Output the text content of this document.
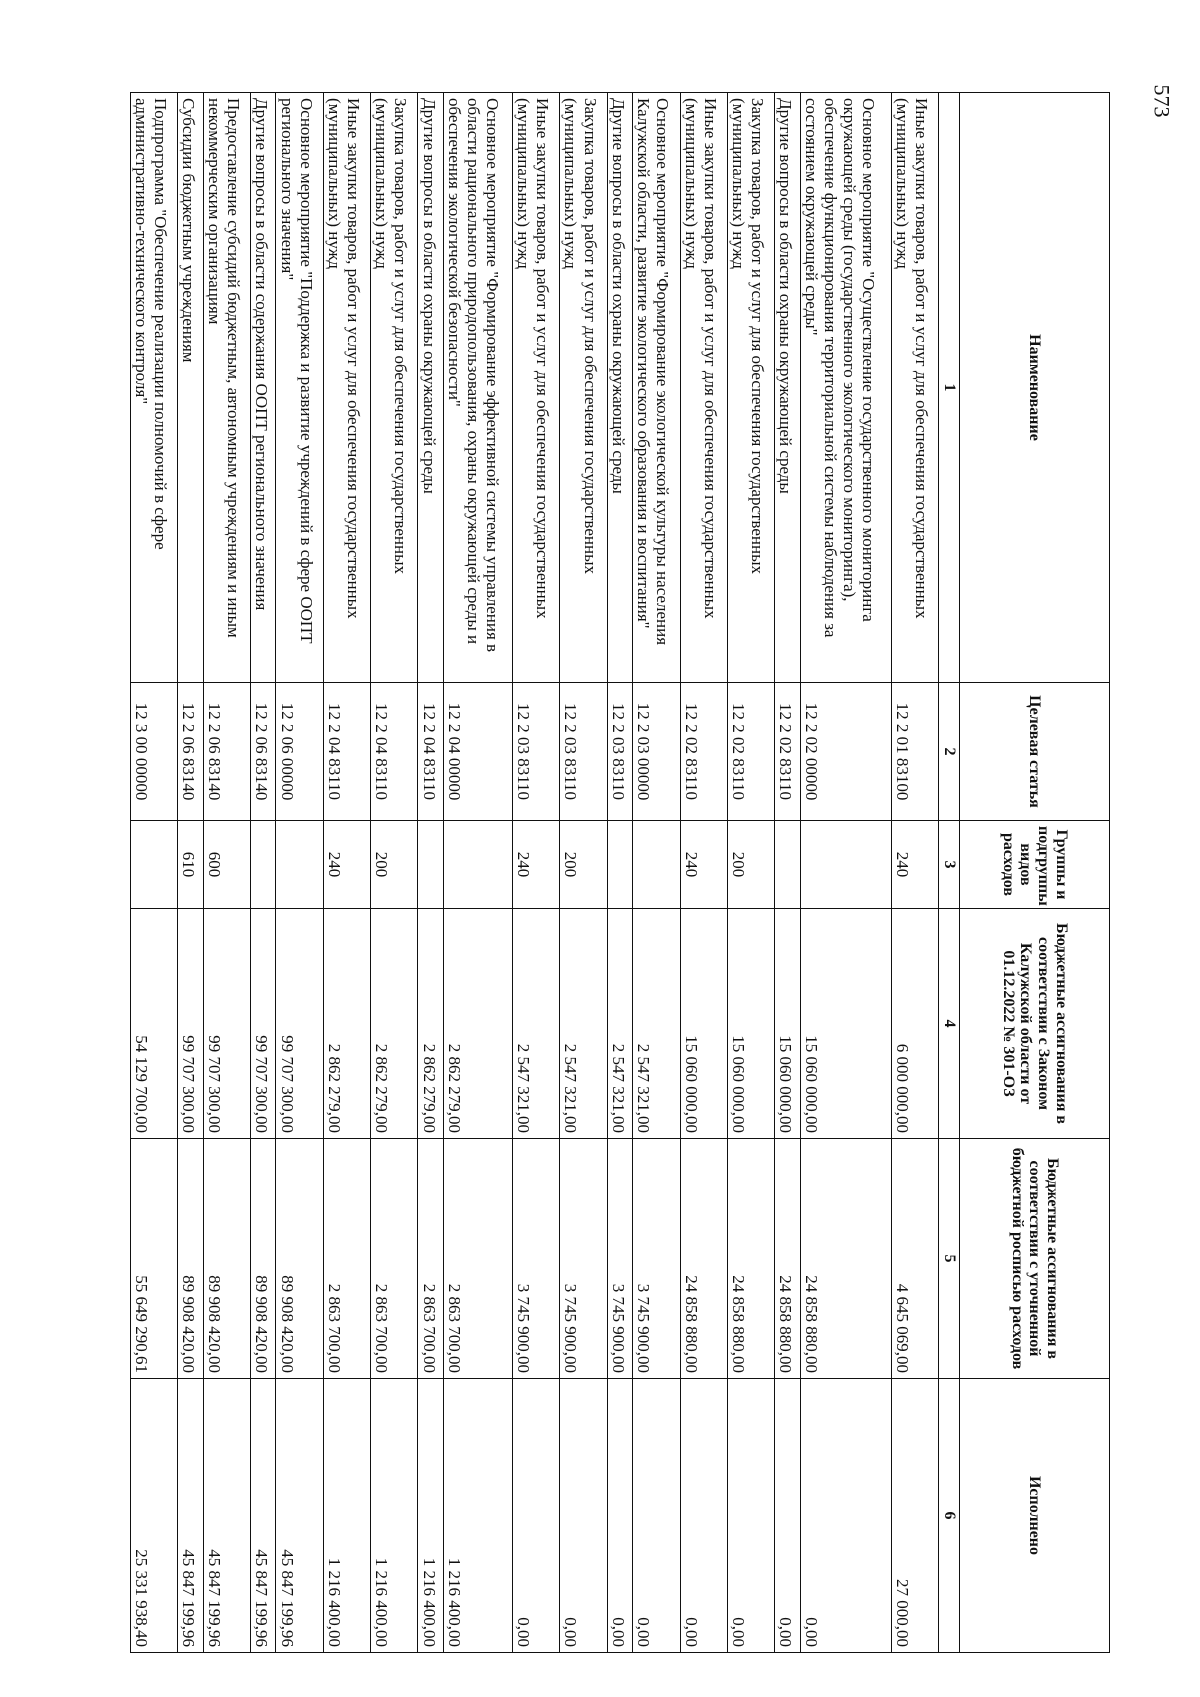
573
Наименование	Целевая статья	Группы и подгруппы видов расходов	Бюджетные ассигнования в соответствии с Законом Калужской области от 01.12.2022 № 301-ОЗ	Бюджетные ассигнования в соответствии с уточненной бюджетной росписью расходов	Исполнено
1	2	3	4	5	6
Иные закупки товаров, работ и услуг для обеспечения государственных (муниципальных) нужд	12 2 01 83100	240	6 000 000,00	4 645 069,00	27 000,00
Основное мероприятие "Осуществление государственного мониторинга окружающей среды (государственного экологического мониторинга), обеспечение функционирования территориальной системы наблюдения за состоянием окружающей среды"	12 2 02 00000		15 060 000,00	24 858 880,00	0,00
Другие вопросы в области охраны окружающей среды	12 2 02 83110		15 060 000,00	24 858 880,00	0,00
Закупка товаров, работ и услуг для обеспечения государственных (муниципальных) нужд	12 2 02 83110	200	15 060 000,00	24 858 880,00	0,00
Иные закупки товаров, работ и услуг для обеспечения государственных (муниципальных) нужд	12 2 02 83110	240	15 060 000,00	24 858 880,00	0,00
Основное мероприятие "Формирование экологической культуры населения Калужской области, развитие экологического образования и воспитания"	12 2 03 00000		2 547 321,00	3 745 900,00	0,00
Другие вопросы в области охраны окружающей среды	12 2 03 83110		2 547 321,00	3 745 900,00	0,00
Закупка товаров, работ и услуг для обеспечения государственных (муниципальных) нужд	12 2 03 83110	200	2 547 321,00	3 745 900,00	0,00
Иные закупки товаров, работ и услуг для обеспечения государственных (муниципальных) нужд	12 2 03 83110	240	2 547 321,00	3 745 900,00	0,00
Основное мероприятие "Формирование эффективной системы управления в области рационального природопользования, охраны окружающей среды и обеспечения экологической безопасности"	12 2 04 00000		2 862 279,00	2 863 700,00	1 216 400,00
Другие вопросы в области охраны окружающей среды	12 2 04 83110		2 862 279,00	2 863 700,00	1 216 400,00
Закупка товаров, работ и услуг для обеспечения государственных (муниципальных) нужд	12 2 04 83110	200	2 862 279,00	2 863 700,00	1 216 400,00
Иные закупки товаров, работ и услуг для обеспечения государственных (муниципальных) нужд	12 2 04 83110	240	2 862 279,00	2 863 700,00	1 216 400,00
Основное мероприятие "Поддержка и развитие учреждений в сфере ООПТ регионального значения"	12 2 06 00000		99 707 300,00	89 908 420,00	45 847 199,96
Другие вопросы в области содержания ООПТ регионального значения	12 2 06 83140		99 707 300,00	89 908 420,00	45 847 199,96
Предоставление субсидий бюджетным, автономным учреждениям и иным некоммерческим организациям	12 2 06 83140	600	99 707 300,00	89 908 420,00	45 847 199,96
Субсидии бюджетным учреждениям	12 2 06 83140	610	99 707 300,00	89 908 420,00	45 847 199,96
Подпрограмма "Обеспечение реализации полномочий в сфере административно-технического контроля"	12 3 00 00000		54 129 700,00	55 649 290,61	25 331 938,40
